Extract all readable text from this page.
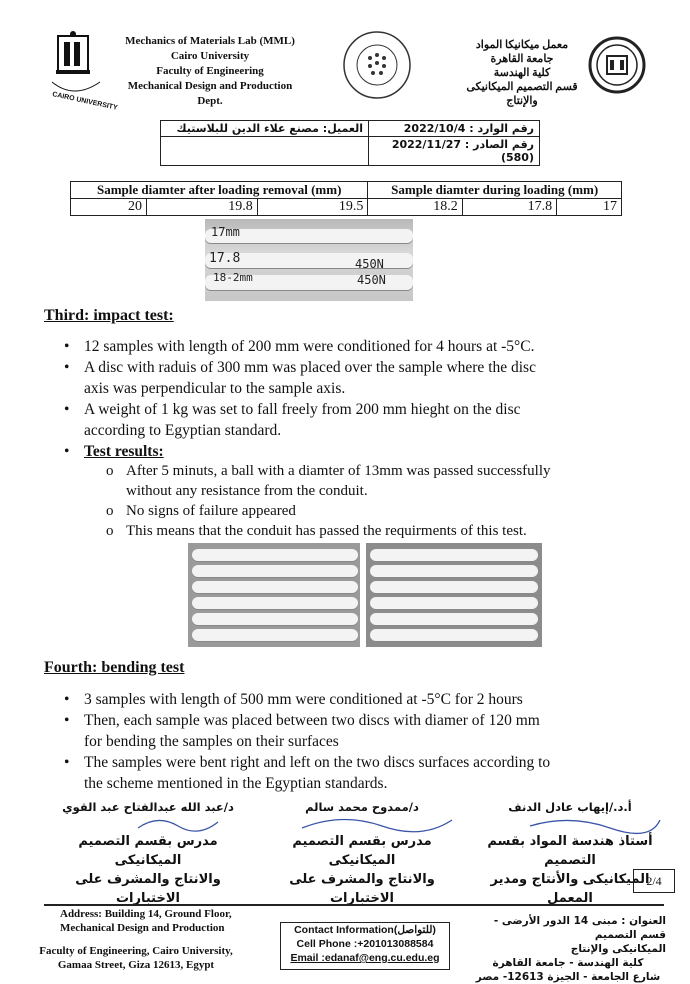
CAIRO UNIVERSITY
Mechanics of Materials Lab (MML)
Cairo University
Faculty of Engineering
Mechanical Design and Production
Dept.
معمل ميكانيكا المواد
جامعة القاهرة
كلية الهندسة
قسم التصميم الميكانيكى
والإنتاج
العميل: مصنع علاء الدين للبلاستيك	رقم الوارد : 2022/10/4
	رقم الصادر : 2022/11/27 (580)
Sample diamter after loading removal (mm)			Sample diamter during loading (mm)		
20	19.8	19.5	18.2	17.8	17
17mm
17.8
18-2mm
450N
450N
Third: impact test:
• 12 samples with length of 200 mm were conditioned for 4 hours at -5°C.
• A disc with raduis of 300 mm was placed over the sample where the disc
axis was perpendicular to the sample axis.
• A weight of 1 kg was set to fall freely from 200 mm hieght on the disc
according to Egyptian standard.
• Test results:
o After 5 minuts, a ball with a diamter of 13mm was passed successfully
without any resistance from the conduit.
o No signs of failure appeared
o This means that the conduit has passed the requirments of this test.
Fourth: bending test
• 3 samples with length of 500 mm were conditioned at -5°C for 2 hours
• Then, each sample was placed between two discs with diamer of 120 mm
for bending the samples on their surfaces
• The samples were bent right and left on the two discs surfaces according to
the scheme mentioned in the Egyptian standards.
د/عبد الله عبدالفتاح عبد القوي
مدرس بقسم التصميم الميكانيكى
والانتاج والمشرف على الاختبارات
د/ممدوح محمد سالم
مدرس بقسم التصميم الميكانيكى
والانتاج والمشرف على الاختبارات
أ.د./إيهاب عادل الدنف
أستاذ هندسة المواد بقسم التصميم
الميكانيكى والأنتاج ومدير المعمل
2/4
Address: Building 14, Ground Floor,
Mechanical Design and Production
Faculty of Engineering, Cairo University,
Gamaa Street, Giza 12613, Egypt
Contact Information(للتواصل)
Cell Phone :+201013088584
Email :edanaf@eng.cu.edu.eg
العنوان : مبنى 14 الدور الأرضى - قسم التصميم
الميكانيكى والإنتاج
كلية الهندسة - جامعة القاهرة
شارع الجامعة - الجيزة 12613- مصر
